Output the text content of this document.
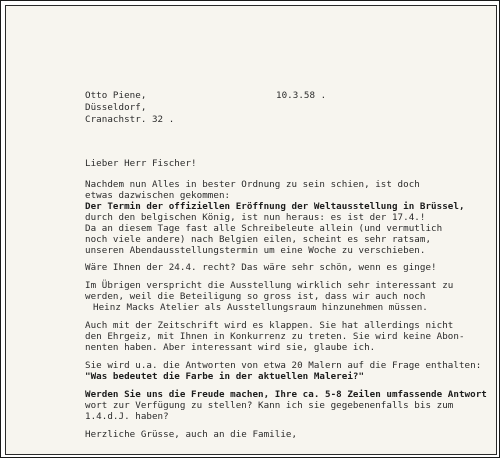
Otto Piene,	10.3.58 .

Düsseldorf,

Cranachstr. 32 .

Lieber Herr Fischer!

Nachdem nun Alles in bester Ordnung zu sein schien, ist doch

etwas dazwischen gekommen:

Der Termin der offiziellen Eröffnung der Weltausstellung in Brüssel,

durch den belgischen König, ist nun heraus: es ist der 17.4.!

Da an diesem Tage fast alle Schreibeleute allein (und vermutlich

noch viele andere) nach Belgien eilen, scheint es sehr ratsam,

unseren Abendausstellungstermin um eine Woche zu verschieben.

Wäre Ihnen der 24.4. recht? Das wäre sehr schön, wenn es ginge!

Im Übrigen verspricht die Ausstellung wirklich sehr interessant zu

werden, weil die Beteiligung so gross ist, dass wir auch noch

Heinz Macks Atelier als Ausstellungsraum hinzunehmen müssen.

Auch mit der Zeitschrift wird es klappen. Sie hat allerdings nicht

den Ehrgeiz, mit Ihnen in Konkurrenz zu treten. Sie wird keine Abon-

nenten haben. Aber interessant wird sie, glaube ich.

Sie wird u.a. die Antworten von etwa 20 Malern auf die Frage enthalten:

"Was bedeutet die Farbe in der aktuellen Malerei?"

Werden Sie uns die Freude machen, Ihre ca. 5-8 Zeilen umfassende Antwort

wort zur Verfügung zu stellen? Kann ich sie gegebenenfalls bis zum

1.4.d.J. haben?

Herzliche Grüsse, auch an die Familie,
